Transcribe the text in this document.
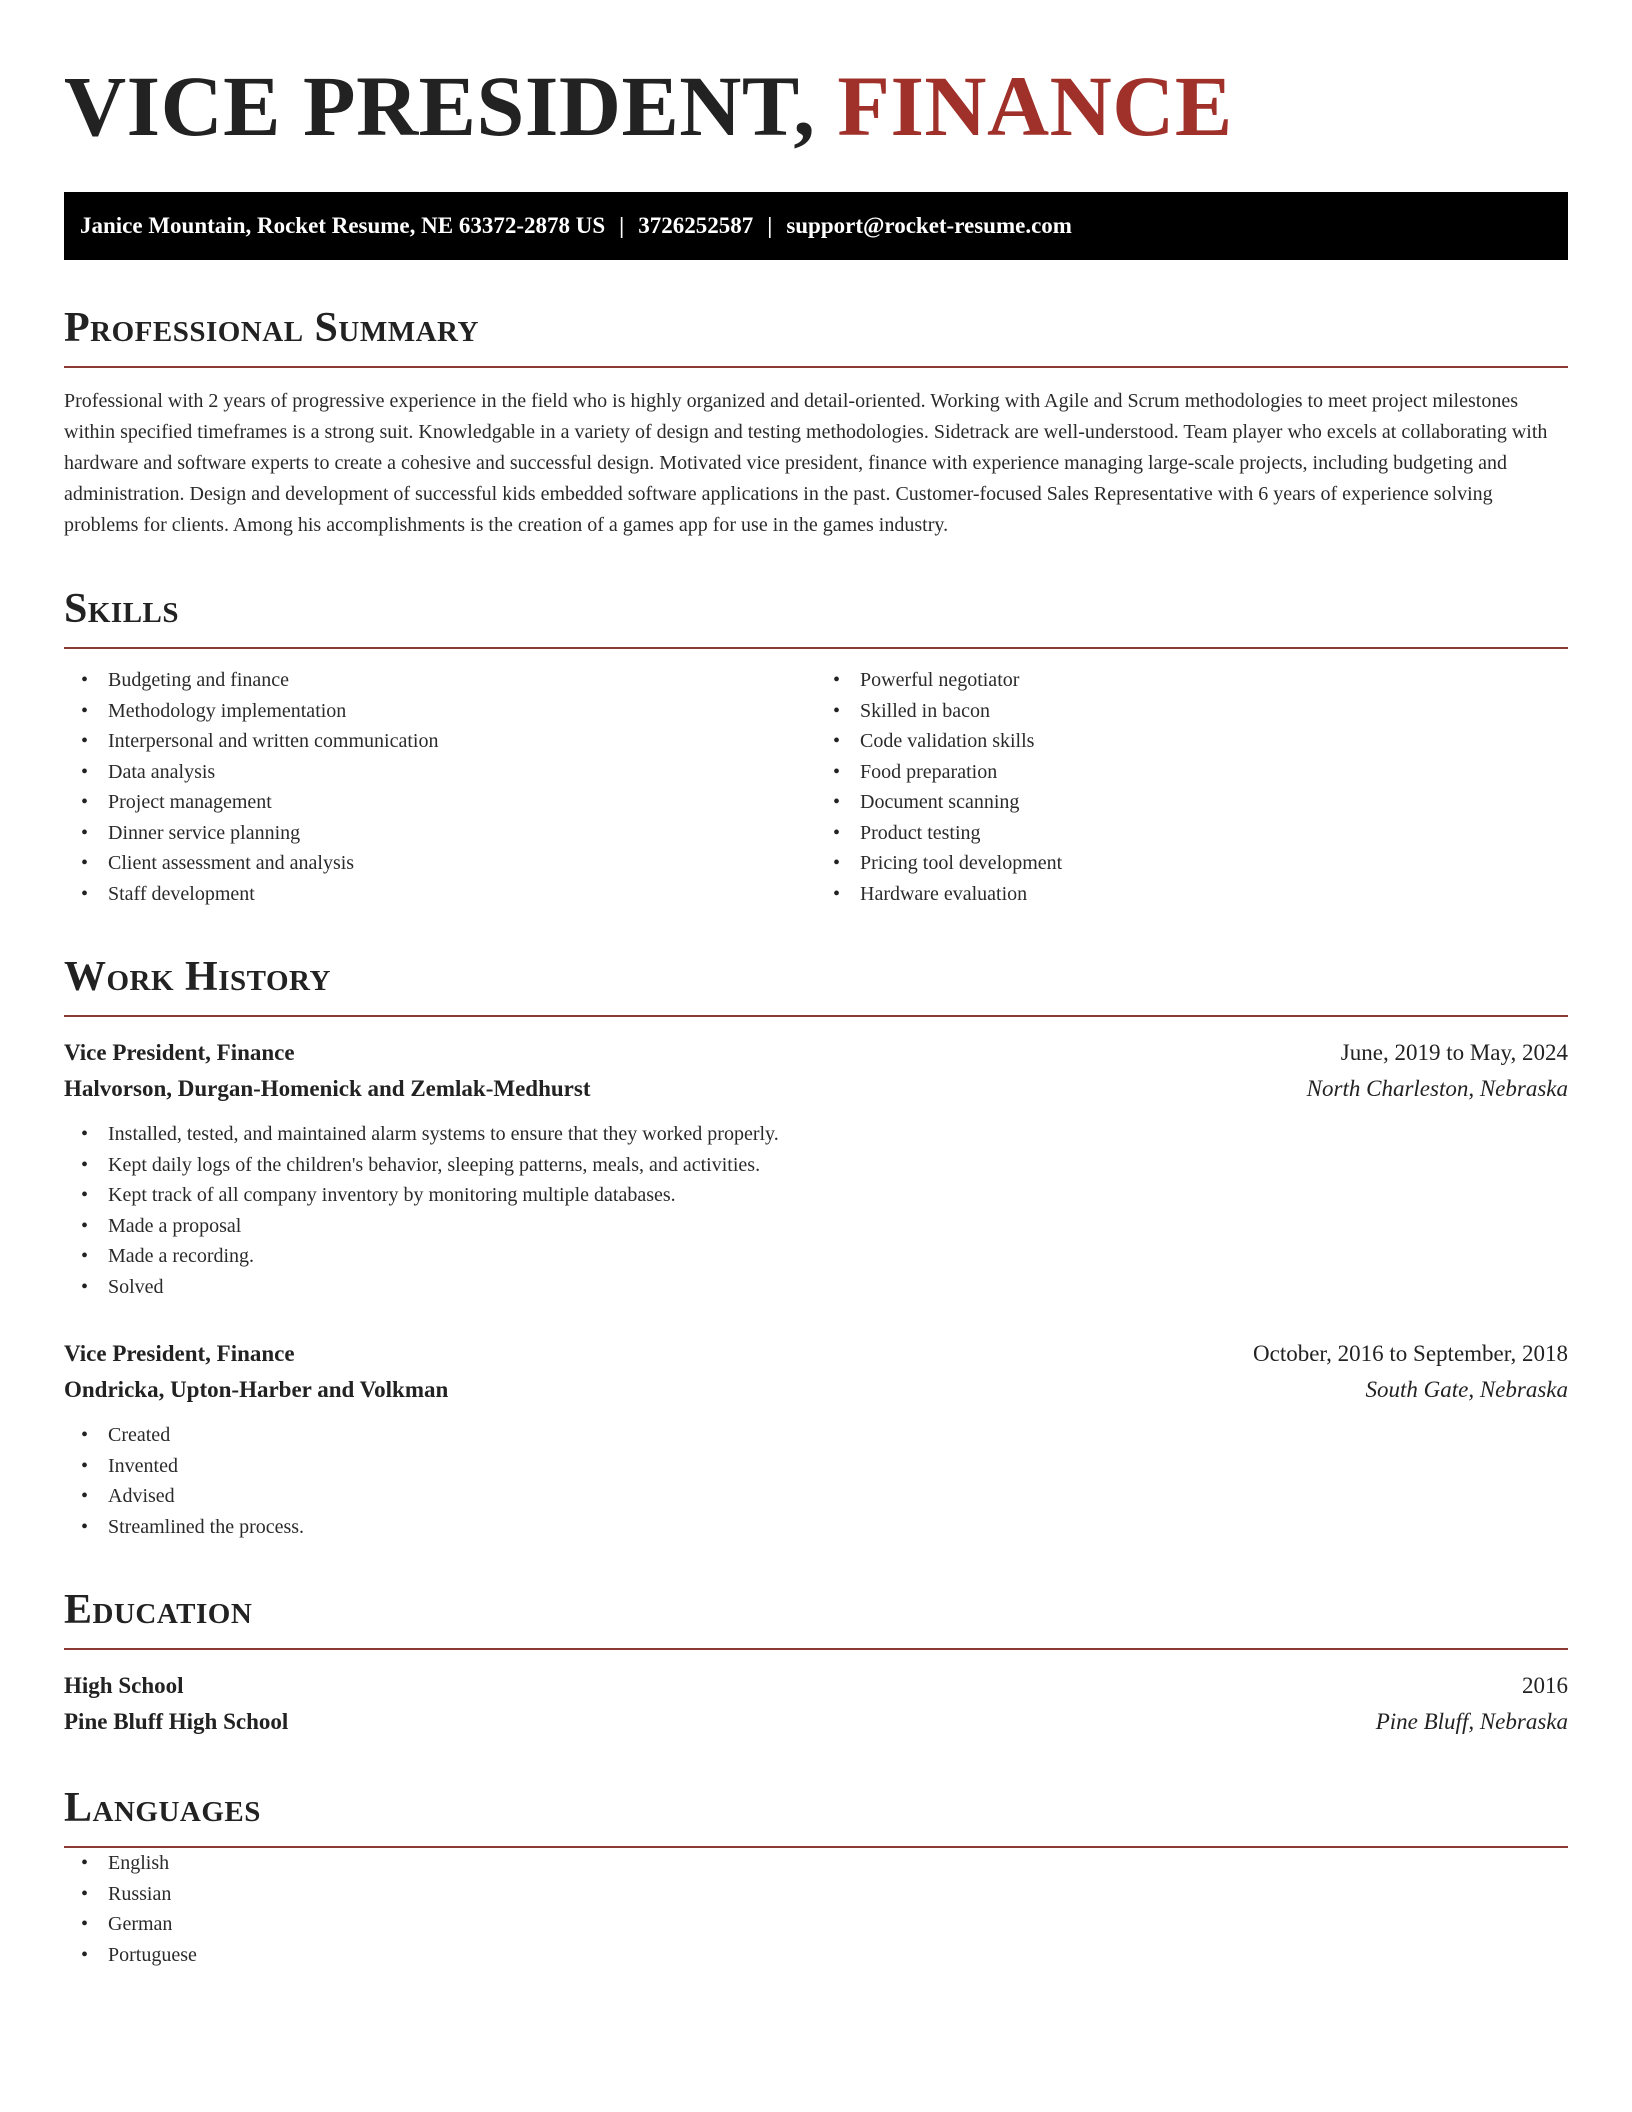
VICE PRESIDENT, FINANCE
Janice Mountain, Rocket Resume, NE 63372-2878 US | 3726252587 | support@rocket-resume.com
Professional Summary

Professional with 2 years of progressive experience in the field who is highly organized and detail-oriented. Working with Agile and Scrum methodologies to meet project milestones within specified timeframes is a strong suit. Knowledgable in a variety of design and testing methodologies. Sidetrack are well-understood. Team player who excels at collaborating with hardware and software experts to create a cohesive and successful design. Motivated vice president, finance with experience managing large-scale projects, including budgeting and administration. Design and development of successful kids embedded software applications in the past. Customer-focused Sales Representative with 6 years of experience solving problems for clients. Among his accomplishments is the creation of a games app for use in the games industry.

Skills
• Budgeting and finance
• Methodology implementation
• Interpersonal and written communication
• Data analysis
• Project management
• Dinner service planning
• Client assessment and analysis
• Staff development
• Powerful negotiator
• Skilled in bacon
• Code validation skills
• Food preparation
• Document scanning
• Product testing
• Pricing tool development
• Hardware evaluation
Work History
Vice President, Finance	June, 2019 to May, 2024
Halvorson, Durgan-Homenick and Zemlak-Medhurst	North Charleston, Nebraska
• Installed, tested, and maintained alarm systems to ensure that they worked properly.
• Kept daily logs of the children's behavior, sleeping patterns, meals, and activities.
• Kept track of all company inventory by monitoring multiple databases.
• Made a proposal
• Made a recording.
• Solved
Vice President, Finance	October, 2016 to September, 2018
Ondricka, Upton-Harber and Volkman	South Gate, Nebraska
• Created
• Invented
• Advised
• Streamlined the process.
Education
High School	2016
Pine Bluff High School	Pine Bluff, Nebraska
Languages
• English
• Russian
• German
• Portuguese
